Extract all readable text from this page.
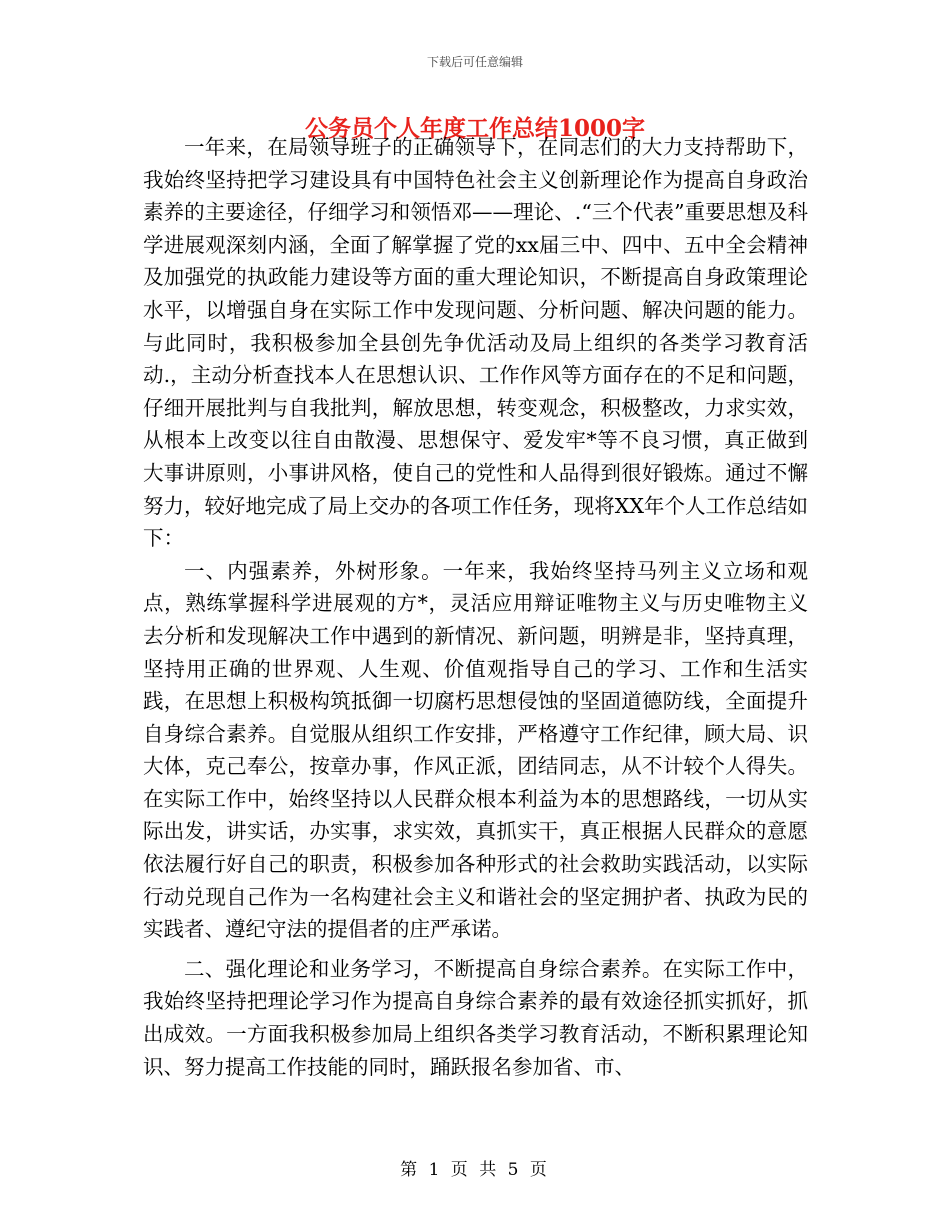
下载后可任意编辑
公务员个人年度工作总结1000字

一年来，在局领导班子的正确领导下，在同志们的大力支持帮助下，我始终坚持把学习建设具有中国特色社会主义创新理论作为提高自身政治素养的主要途径，仔细学习和领悟邓——理论、.“三个代表”重要思想及科学进展观深刻内涵，全面了解掌握了党的xx届三中、四中、五中全会精神及加强党的执政能力建设等方面的重大理论知识，不断提高自身政策理论水平，以增强自身在实际工作中发现问题、分析问题、解决问题的能力。与此同时，我积极参加全县创先争优活动及局上组织的各类学习教育活动.，主动分析查找本人在思想认识、工作作风等方面存在的不足和问题，仔细开展批判与自我批判，解放思想，转变观念，积极整改，力求实效，从根本上改变以往自由散漫、思想保守、爱发牢*等不良习惯，真正做到大事讲原则，小事讲风格，使自己的党性和人品得到很好锻炼。通过不懈努力，较好地完成了局上交办的各项工作任务，现将XX年个人工作总结如下：

一、内强素养，外树形象。一年来，我始终坚持马列主义立场和观点，熟练掌握科学进展观的方*，灵活应用辩证唯物主义与历史唯物主义去分析和发现解决工作中遇到的新情况、新问题，明辨是非，坚持真理，坚持用正确的世界观、人生观、价值观指导自己的学习、工作和生活实践，在思想上积极构筑抵御一切腐朽思想侵蚀的坚固道德防线，全面提升自身综合素养。自觉服从组织工作安排，严格遵守工作纪律，顾大局、识大体，克己奉公，按章办事，作风正派，团结同志，从不计较个人得失。在实际工作中，始终坚持以人民群众根本利益为本的思想路线，一切从实际出发，讲实话，办实事，求实效，真抓实干，真正根据人民群众的意愿依法履行好自己的职责，积极参加各种形式的社会救助实践活动，以实际行动兑现自己作为一名构建社会主义和谐社会的坚定拥护者、执政为民的实践者、遵纪守法的提倡者的庄严承诺。

二、强化理论和业务学习，不断提高自身综合素养。在实际工作中，我始终坚持把理论学习作为提高自身综合素养的最有效途径抓实抓好，抓出成效。一方面我积极参加局上组织各类学习教育活动，不断积累理论知识、努力提高工作技能的同时，踊跃报名参加省、市、

第 1 页 共 5 页
